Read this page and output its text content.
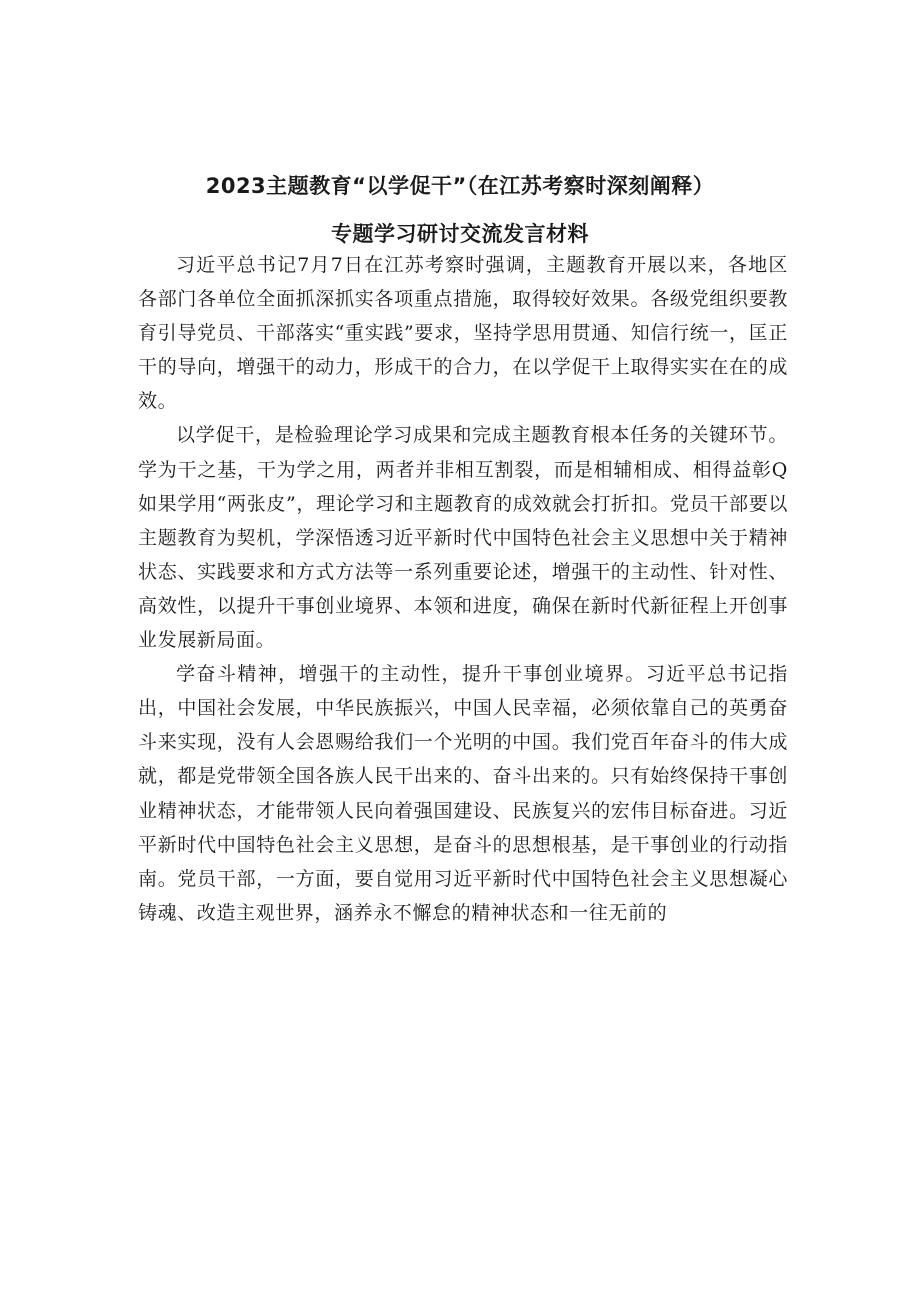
2023主题教育“以学促干”（在江苏考察时深刻阐释）
专题学习研讨交流发言材料

习近平总书记7月7日在江苏考察时强调，主题教育开展以来，各地区各部门各单位全面抓深抓实各项重点措施，取得较好效果。各级党组织要教育引导党员、干部落实“重实践”要求，坚持学思用贯通、知信行统一，匡正干的导向，增强干的动力，形成干的合力，在以学促干上取得实实在在的成效。

以学促干，是检验理论学习成果和完成主题教育根本任务的关键环节。学为干之基，干为学之用，两者并非相互割裂，而是相辅相成、相得益彰Q如果学用“两张皮”，理论学习和主题教育的成效就会打折扣。党员干部要以主题教育为契机，学深悟透习近平新时代中国特色社会主义思想中关于精神状态、实践要求和方式方法等一系列重要论述，增强干的主动性、针对性、高效性，以提升干事创业境界、本领和进度，确保在新时代新征程上开创事业发展新局面。

学奋斗精神，增强干的主动性，提升干事创业境界。习近平总书记指出，中国社会发展，中华民族振兴，中国人民幸福，必须依靠自己的英勇奋斗来实现，没有人会恩赐给我们一个光明的中国。我们党百年奋斗的伟大成就，都是党带领全国各族人民干出来的、奋斗出来的。只有始终保持干事创业精神状态，才能带领人民向着强国建设、民族复兴的宏伟目标奋进。习近平新时代中国特色社会主义思想，是奋斗的思想根基，是干事创业的行动指南。党员干部，一方面，要自觉用习近平新时代中国特色社会主义思想凝心铸魂、改造主观世界，涵养永不懈怠的精神状态和一往无前的
